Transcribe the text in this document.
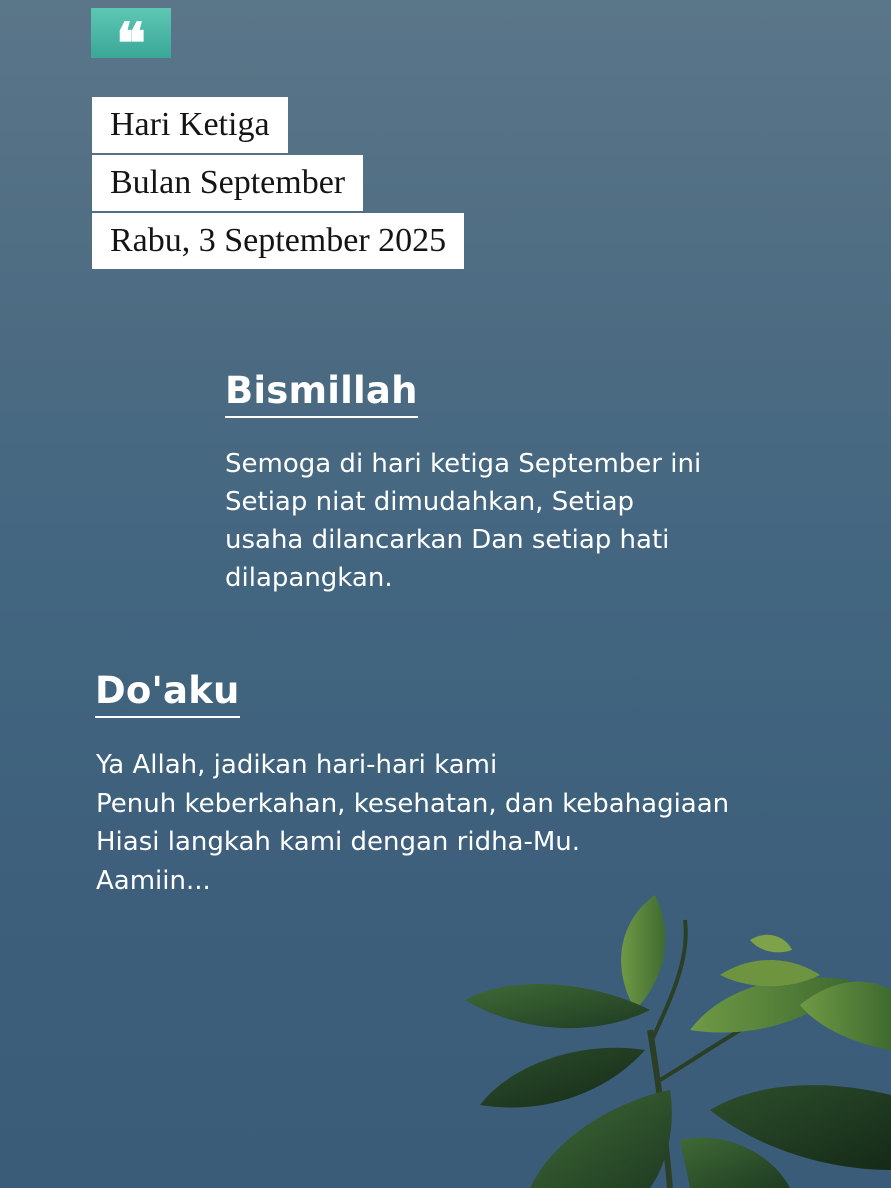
❝
Hari Ketiga
Bulan September
Rabu, 3 September 2025
Bismillah
Semoga di hari ketiga September ini
Setiap niat dimudahkan, Setiap
usaha dilancarkan Dan setiap hati
dilapangkan.
Do'aku
Ya Allah, jadikan hari-hari kami
Penuh keberkahan, kesehatan, dan kebahagiaan
Hiasi langkah kami dengan ridha-Mu.
Aamiin...
